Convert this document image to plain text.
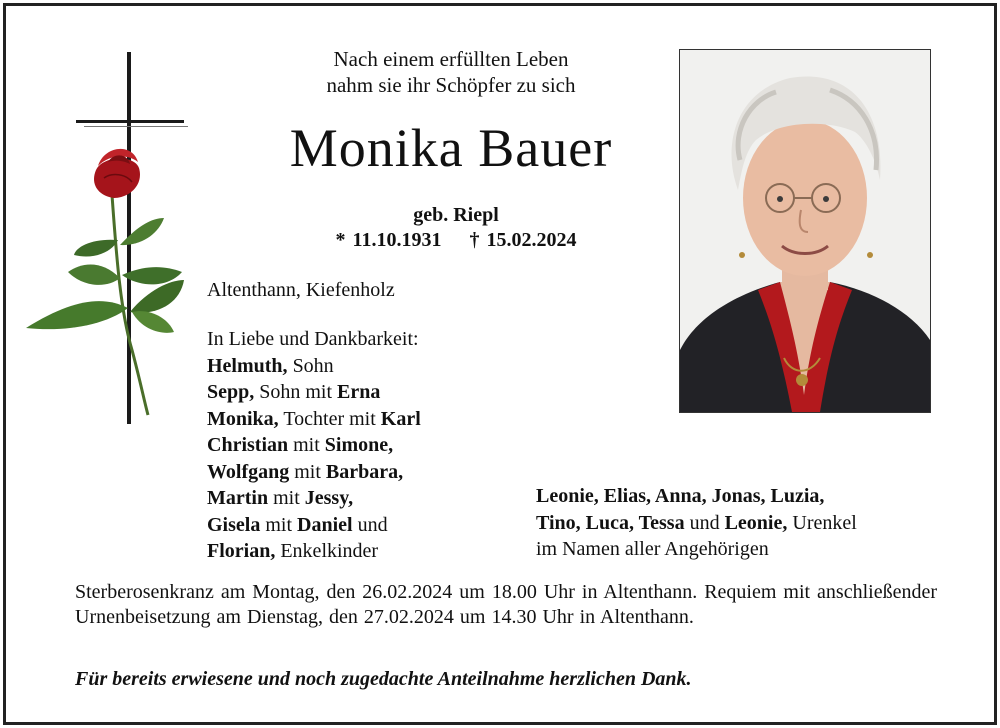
Nach einem erfüllten Leben
nahm sie ihr Schöpfer zu sich
Monika Bauer
geb. Riepl
* 11.10.1931 † 15.02.2024
Altenthann, Kiefenholz
In Liebe und Dankbarkeit:
Helmuth, Sohn
Sepp, Sohn mit Erna
Monika, Tochter mit Karl
Christian mit Simone,
Wolfgang mit Barbara,
Martin mit Jessy,
Gisela mit Daniel und
Florian, Enkelkinder
Leonie, Elias, Anna, Jonas, Luzia,
Tino, Luca, Tessa und Leonie, Urenkel
im Namen aller Angehörigen
Sterberosenkranz am Montag, den 26.02.2024 um 18.00 Uhr in Altenthann. Requiem mit anschließender Urnenbeisetzung am Dienstag, den 27.02.2024 um 14.30 Uhr in Altenthann.
Für bereits erwiesene und noch zugedachte Anteilnahme herzlichen Dank.
